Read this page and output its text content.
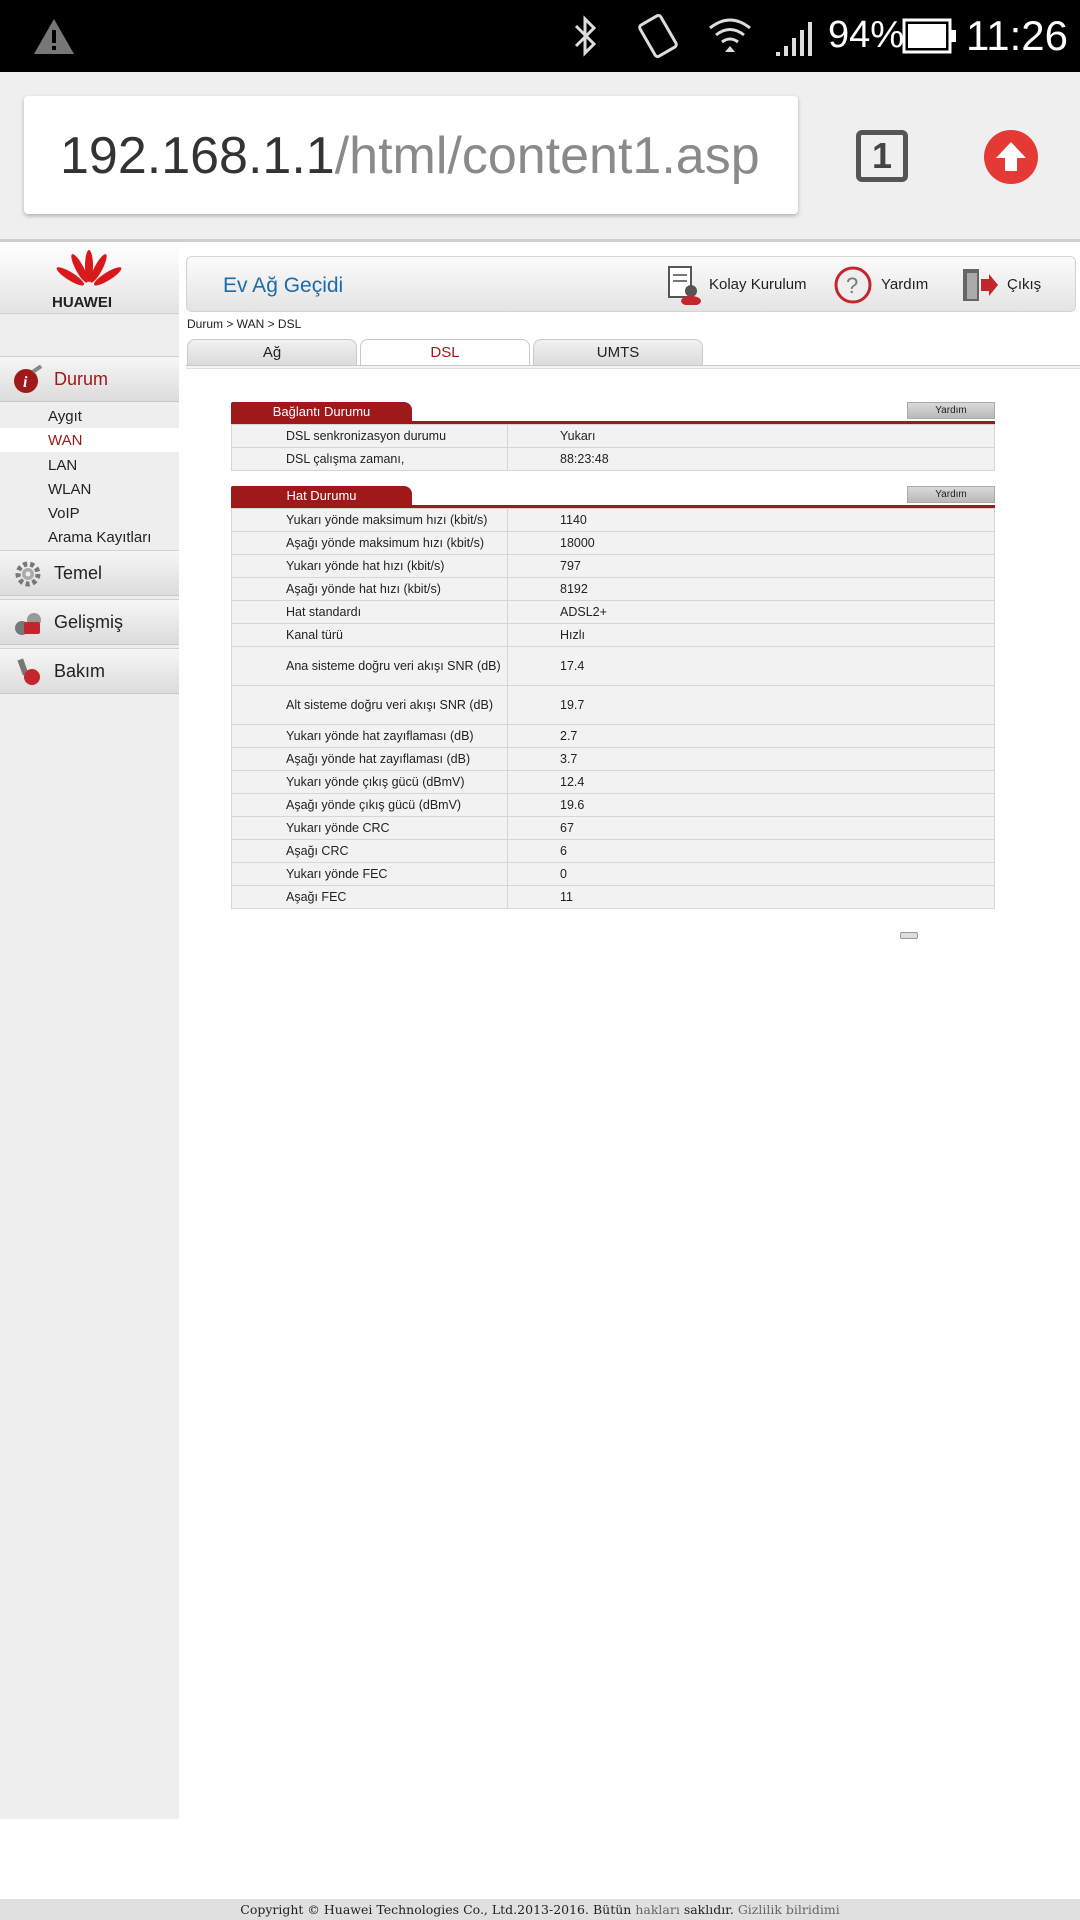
94% 11:26
192.168.1.1/html/content1.asp	1
HUAWEI
i Durum
Aygıt
WAN
LAN
WLAN
VoIP
Arama Kayıtları
Temel
Gelişmiş
Bakım
Ev Ağ Geçidi	Kolay Kurulum ? Yardım	Çıkış
Durum > WAN > DSL
Ağ	DSL	UMTS
Bağlantı Durumu	Yardım
DSL senkronizasyon durumu	Yukarı
DSL çalışma zamanı,	88:23:48
Hat Durumu	Yardım
Yukarı yönde maksimum hızı (kbit/s)	1140
Aşağı yönde maksimum hızı (kbit/s)	18000
Yukarı yönde hat hızı (kbit/s)	797
Aşağı yönde hat hızı (kbit/s)	8192
Hat standardı	ADSL2+
Kanal türü	Hızlı
Ana sisteme doğru veri akışı SNR (dB)	17.4
Alt sisteme doğru veri akışı SNR (dB)	19.7
Yukarı yönde hat zayıflaması (dB)	2.7
Aşağı yönde hat zayıflaması (dB)	3.7
Yukarı yönde çıkış gücü (dBmV)	12.4
Aşağı yönde çıkış gücü (dBmV)	19.6
Yukarı yönde CRC	67
Aşağı CRC	6
Yukarı yönde FEC	0
Aşağı FEC	11
Copyright © Huawei Technologies Co., Ltd.2013-2016. Bütün hakları saklıdır. Gizlilik bilridimi
